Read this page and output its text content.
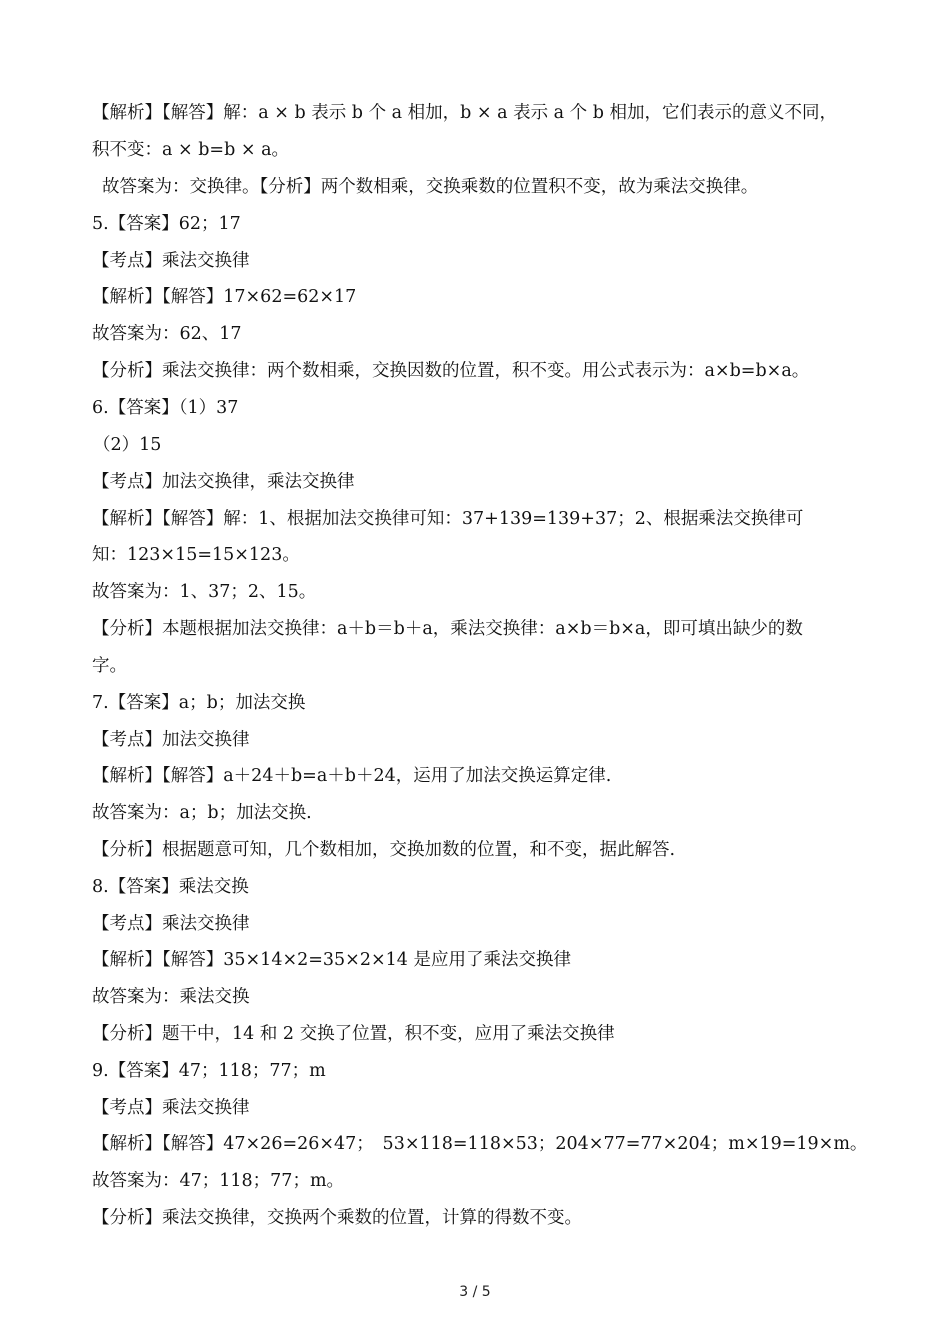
【解析】【解答】解：a × b 表示 b 个 a 相加，b × a 表示 a 个 b 相加，它们表示的意义不同，
积不变：a × b=b × a。
故答案为：交换律。【分析】两个数相乘，交换乘数的位置积不变，故为乘法交换律。
5.【答案】62；17
【考点】乘法交换律
【解析】【解答】17×62=62×17
故答案为：62、17
【分析】乘法交换律：两个数相乘，交换因数的位置，积不变。用公式表示为：a×b=b×a。
6.【答案】（1）37
（2）15
【考点】加法交换律，乘法交换律
【解析】【解答】解：1、根据加法交换律可知：37+139=139+37；2、根据乘法交换律可
知：123×15=15×123。
故答案为：1、37；2、15。
【分析】本题根据加法交换律：a＋b＝b＋a，乘法交换律：a×b＝b×a，即可填出缺少的数
字。
7.【答案】a；b；加法交换
【考点】加法交换律
【解析】【解答】a＋24＋b=a＋b＋24，运用了加法交换运算定律.
故答案为：a；b；加法交换.
【分析】根据题意可知，几个数相加，交换加数的位置，和不变，据此解答.
8.【答案】乘法交换
【考点】乘法交换律
【解析】【解答】35×14×2=35×2×14 是应用了乘法交换律
故答案为：乘法交换
【分析】题干中，14 和 2 交换了位置，积不变，应用了乘法交换律
9.【答案】47；118；77；m
【考点】乘法交换律
【解析】【解答】47×26=26×47；　53×118=118×53；204×77=77×204；m×19=19×m。
故答案为：47；118；77；m。
【分析】乘法交换律，交换两个乘数的位置，计算的得数不变。
3 / 5
